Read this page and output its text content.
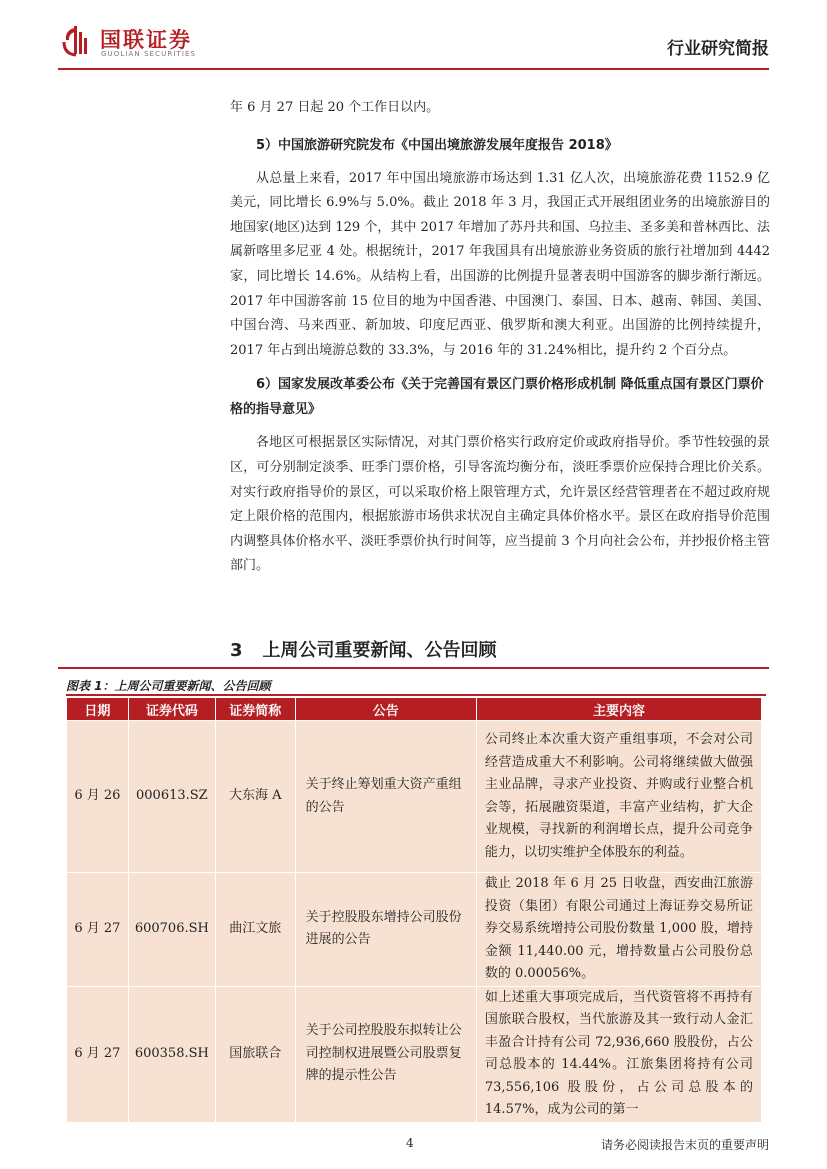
国联证券
GUOLIAN SECURITIES	行业研究简报

年 6 月 27 日起 20 个工作日以内。

5）中国旅游研究院发布《中国出境旅游发展年度报告 2018》

从总量上来看，2017 年中国出境旅游市场达到 1.31 亿人次，出境旅游花费 1152.9 亿美元，同比增长 6.9%与 5.0%。截止 2018 年 3 月，我国正式开展组团业务的出境旅游目的地国家(地区)达到 129 个，其中 2017 年增加了苏丹共和国、乌拉圭、圣多美和普林西比、法属新喀里多尼亚 4 处。根据统计，2017 年我国具有出境旅游业务资质的旅行社增加到 4442 家，同比增长 14.6%。从结构上看，出国游的比例提升显著表明中国游客的脚步渐行渐远。2017 年中国游客前 15 位目的地为中国香港、中国澳门、泰国、日本、越南、韩国、美国、中国台湾、马来西亚、新加坡、印度尼西亚、俄罗斯和澳大利亚。出国游的比例持续提升，2017 年占到出境游总数的 33.3%，与 2016 年的 31.24%相比，提升约 2 个百分点。

6）国家发展改革委公布《关于完善国有景区门票价格形成机制 降低重点国有景区门票价格的指导意见》

各地区可根据景区实际情况，对其门票价格实行政府定价或政府指导价。季节性较强的景区，可分别制定淡季、旺季门票价格，引导客流均衡分布，淡旺季票价应保持合理比价关系。对实行政府指导价的景区，可以采取价格上限管理方式，允许景区经营管理者在不超过政府规定上限价格的范围内，根据旅游市场供求状况自主确定具体价格水平。景区在政府指导价范围内调整具体价格水平、淡旺季票价执行时间等，应当提前 3 个月向社会公布，并抄报价格主管部门。

3 上周公司重要新闻、公告回顾
图表 1：上周公司重要新闻、公告回顾
日期	证券代码	证券简称	公告	主要内容
6 月 26	000613.SZ	大东海 A	关于终止筹划重大资产重组的公告	公司终止本次重大资产重组事项，不会对公司经营造成重大不利影响。公司将继续做大做强主业品牌，寻求产业投资、并购或行业整合机会等，拓展融资渠道，丰富产业结构，扩大企业规模，寻找新的利润增长点，提升公司竞争能力，以切实维护全体股东的利益。
6 月 27	600706.SH	曲江文旅	关于控股股东增持公司股份进展的公告	截止 2018 年 6 月 25 日收盘，西安曲江旅游投资（集团）有限公司通过上海证券交易所证券交易系统增持公司股份数量 1,000 股，增持金额 11,440.00 元，增持数量占公司股份总数的 0.00056%。
6 月 27	600358.SH	国旅联合	关于公司控股股东拟转让公司控制权进展暨公司股票复牌的提示性公告	如上述重大事项完成后，当代资管将不再持有国旅联合股权，当代旅游及其一致行动人金汇丰盈合计持有公司 72,936,660 股股份，占公司总股本的 14.44%。江旅集团将持有公司 73,556,106 股股份，占公司总股本的 14.57%，成为公司的第一
4	请务必阅读报告末页的重要声明
